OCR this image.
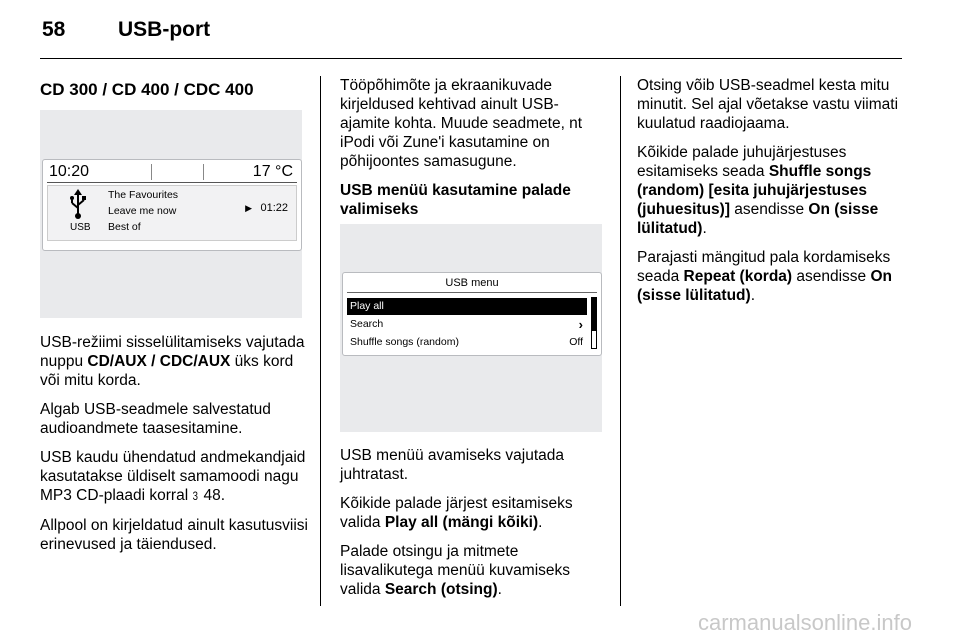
58	USB-port
CD 300 / CD 400 / CDC 400
10:20	17 °C
USB
The Favourites
Leave me now
Best of
▶ 01:22

USB-režiimi sisselülitamiseks vajutada nuppu CD/AUX / CDC/AUX üks kord või mitu korda.

Algab USB-seadmele salvestatud audioandmete taasesitamine.

USB kaudu ühendatud andmekandjaid kasutatakse üldiselt samamoodi nagu MP3 CD-plaadi korral 3 48.

Allpool on kirjeldatud ainult kasutusviisi erinevused ja täiendused.

Tööpõhimõte ja ekraanikuvade kirjeldused kehtivad ainult USB-ajamite kohta. Muude seadmete, nt iPodi või Zune'i kasutamine on põhijoontes samasugune.

USB menüü kasutamine palade valimiseks

USB menu
Play all
Search	›
Shuffle songs (random)	Off

USB menüü avamiseks vajutada juhtratast.

Kõikide palade järjest esitamiseks valida Play all (mängi kõiki).

Palade otsingu ja mitmete lisavalikutega menüü kuvamiseks valida Search (otsing).

Otsing võib USB-seadmel kesta mitu minutit. Sel ajal võetakse vastu viimati kuulatud raadiojaama.

Kõikide palade juhujärjestuses esitamiseks seada Shuffle songs (random) [esita juhujärjestuses (juhuesitus)] asendisse On (sisse lülitatud).

Parajasti mängitud pala kordamiseks seada Repeat (korda) asendisse On (sisse lülitatud).

carmanualsonline.info
